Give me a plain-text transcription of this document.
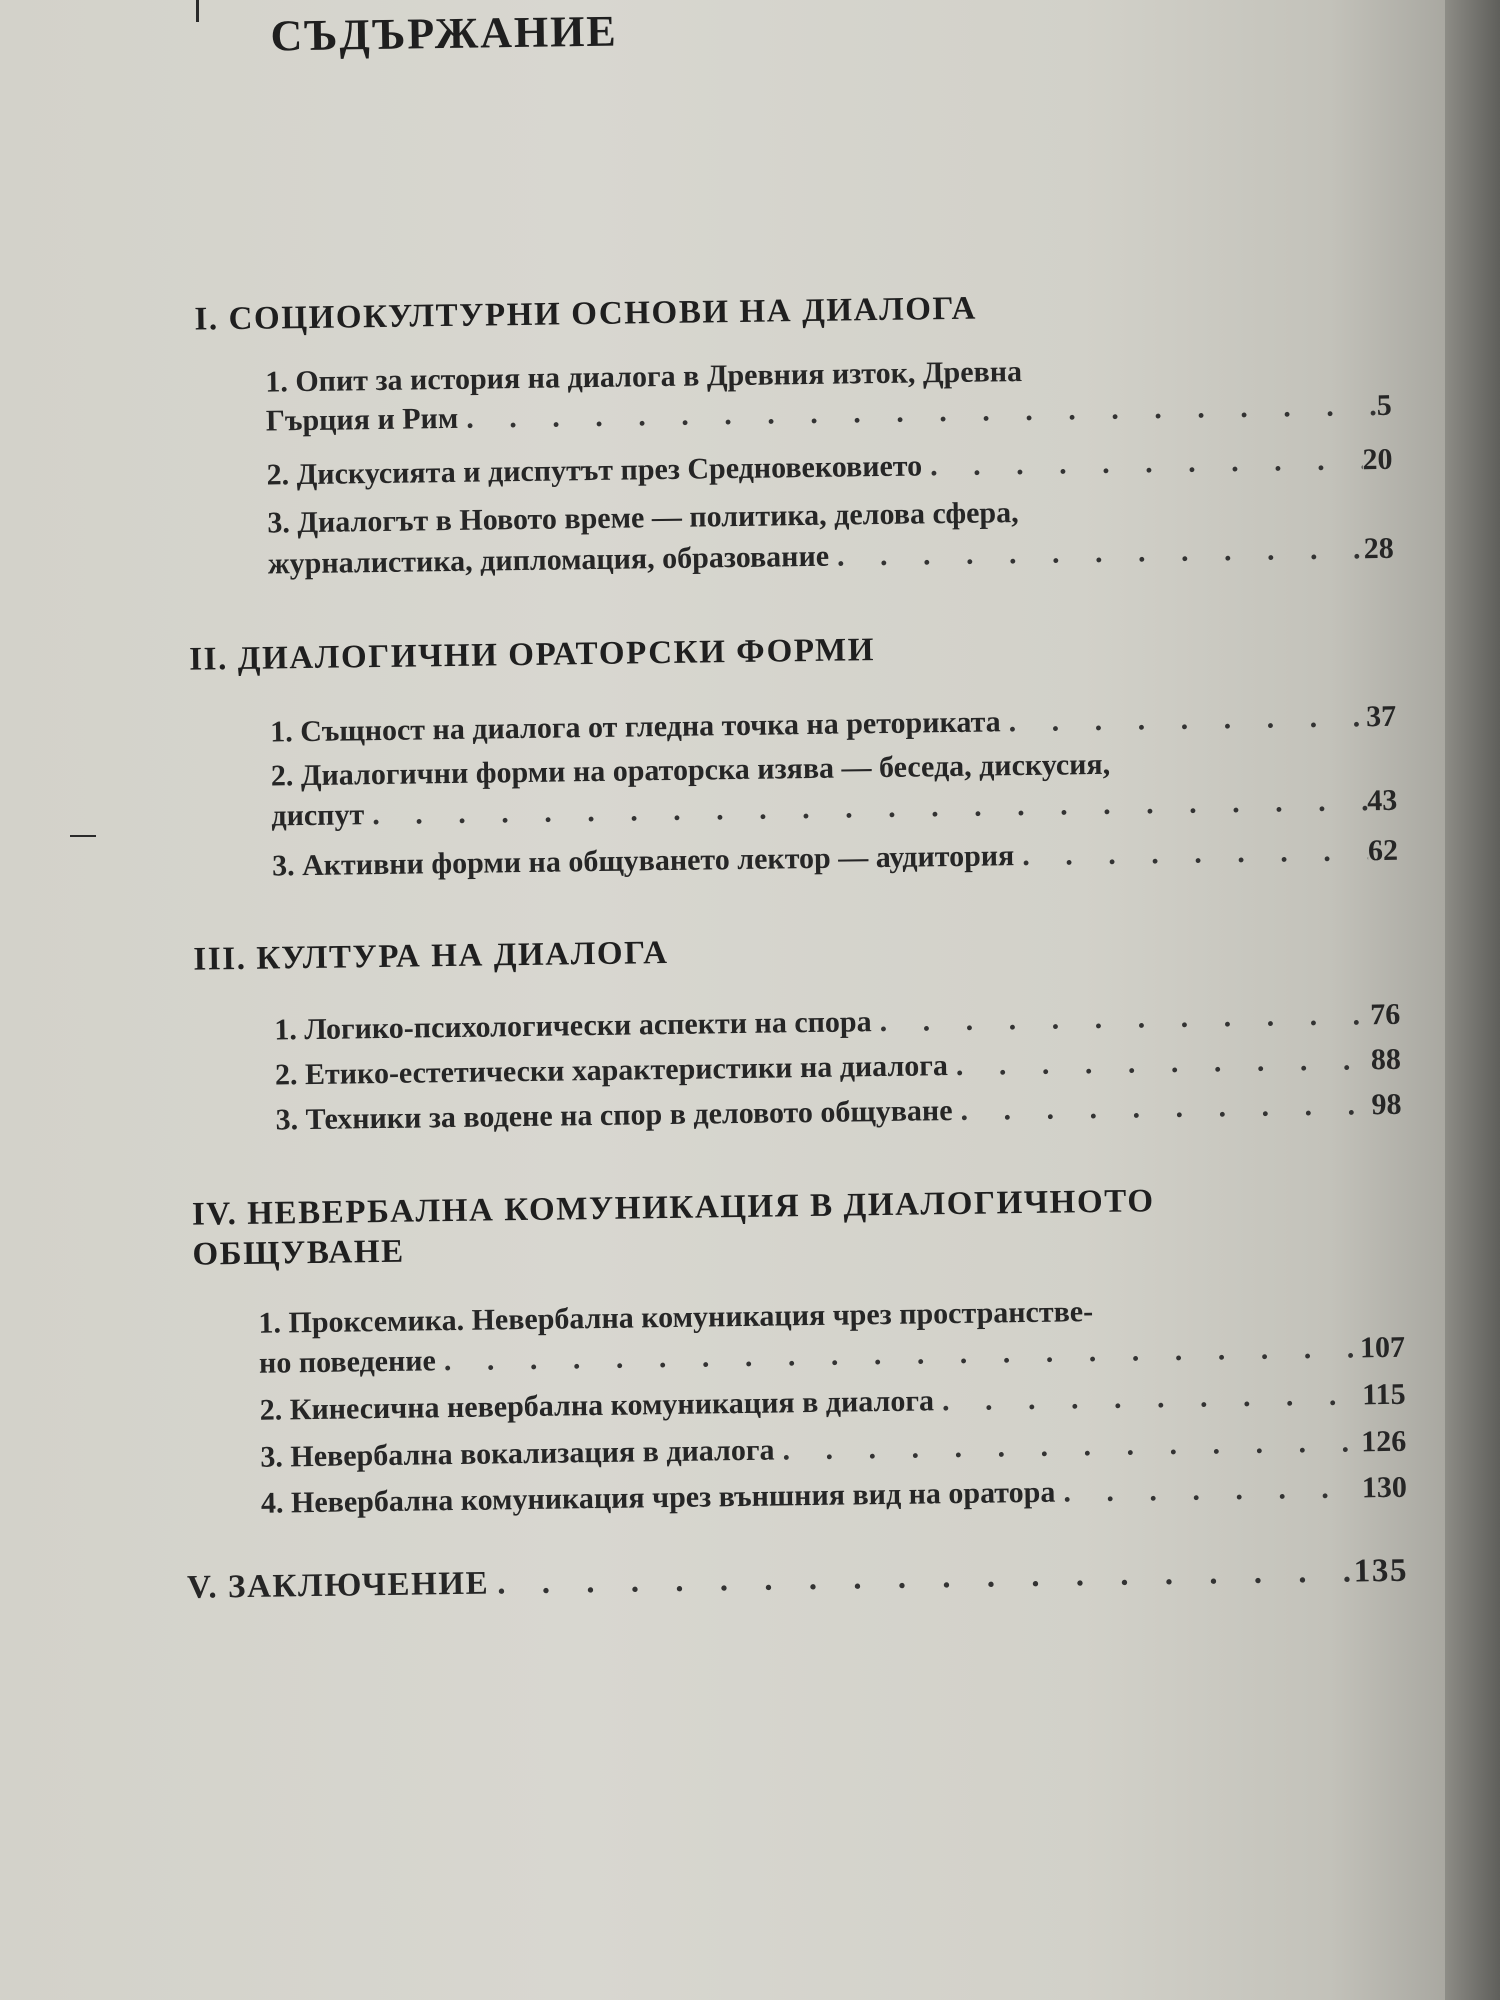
СЪДЪРЖАНИЕ
I. СОЦИОКУЛТУРНИ ОСНОВИ НА ДИАЛОГА
1. Опит за история на диалога в Древния изток, Древна
Гърция и Рим . . .	5
2. Дискусията и диспутът през Средновековието . . .	20
3. Диалогът в Новото време — политика, делова сфера,
журналистика, дипломация, образование . . .	28
II. ДИАЛОГИЧНИ ОРАТОРСКИ ФОРМИ
1. Същност на диалога от гледна точка на реториката . . .	37
2. Диалогични форми на ораторска изява — беседа, дискусия,
диспут . . .	43
3. Активни форми на общуването лектор — аудитория . . .	62
III. КУЛТУРА НА ДИАЛОГА
1. Логико-психологически аспекти на спора . . .	76
2. Етико-естетически характеристики на диалога . . .	88
3. Техники за водене на спор в деловото общуване . . .	98
IV. НЕВЕРБАЛНА КОМУНИКАЦИЯ В ДИАЛОГИЧНОТО
ОБЩУВАНЕ
1. Проксемика. Невербална комуникация чрез пространстве-
но поведение . . .	107
2. Кинесична невербална комуникация в диалога . . .	115
3. Невербална вокализация в диалога . . .	126
4. Невербална комуникация чрез външния вид на оратора . . .	130
V. ЗАКЛЮЧЕНИЕ . . .	135
